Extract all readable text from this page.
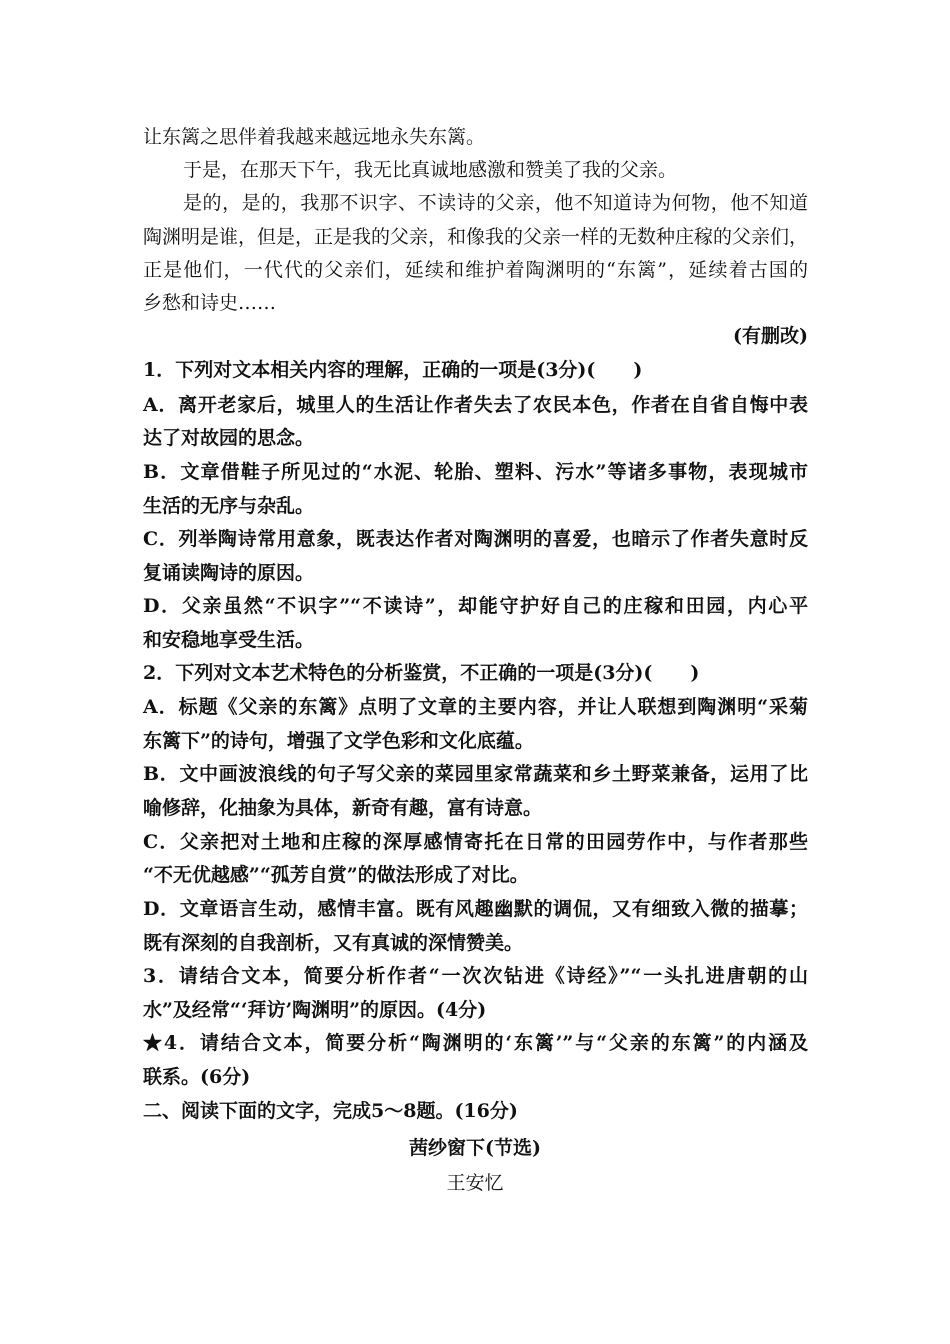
让东篱之思伴着我越来越远地永失东篱。

于是，在那天下午，我无比真诚地感激和赞美了我的父亲。

是的，是的，我那不识字、不读诗的父亲，他不知道诗为何物，他不知道

陶渊明是谁，但是，正是我的父亲，和像我的父亲一样的无数种庄稼的父亲们，

正是他们，一代代的父亲们，延续和维护着陶渊明的“东篱”，延续着古国的

乡愁和诗史……

(有删改)

1．下列对文本相关内容的理解，正确的一项是(3分)(　　)

A．离开老家后，城里人的生活让作者失去了农民本色，作者在自省自悔中表

达了对故园的思念。

B．文章借鞋子所见过的“水泥、轮胎、塑料、污水”等诸多事物，表现城市

生活的无序与杂乱。

C．列举陶诗常用意象，既表达作者对陶渊明的喜爱，也暗示了作者失意时反

复诵读陶诗的原因。

D．父亲虽然“不识字”“不读诗”，却能守护好自己的庄稼和田园，内心平

和安稳地享受生活。

2．下列对文本艺术特色的分析鉴赏，不正确的一项是(3分)(　　)

A．标题《父亲的东篱》点明了文章的主要内容，并让人联想到陶渊明“采菊

东篱下”的诗句，增强了文学色彩和文化底蕴。

B．文中画波浪线的句子写父亲的菜园里家常蔬菜和乡土野菜兼备，运用了比

喻修辞，化抽象为具体，新奇有趣，富有诗意。

C．父亲把对土地和庄稼的深厚感情寄托在日常的田园劳作中，与作者那些

“不无优越感”“孤芳自赏”的做法形成了对比。

D．文章语言生动，感情丰富。既有风趣幽默的调侃，又有细致入微的描摹；

既有深刻的自我剖析，又有真诚的深情赞美。

3．请结合文本，简要分析作者“一次次钻进《诗经》”“一头扎进唐朝的山

水”及经常“‘拜访’陶渊明”的原因。(4分)

★4．请结合文本，简要分析“陶渊明的‘东篱’”与“父亲的东篱”的内涵及

联系。(6分)

二、阅读下面的文字，完成5～8题。(16分)

茜纱窗下(节选)

王安忆
